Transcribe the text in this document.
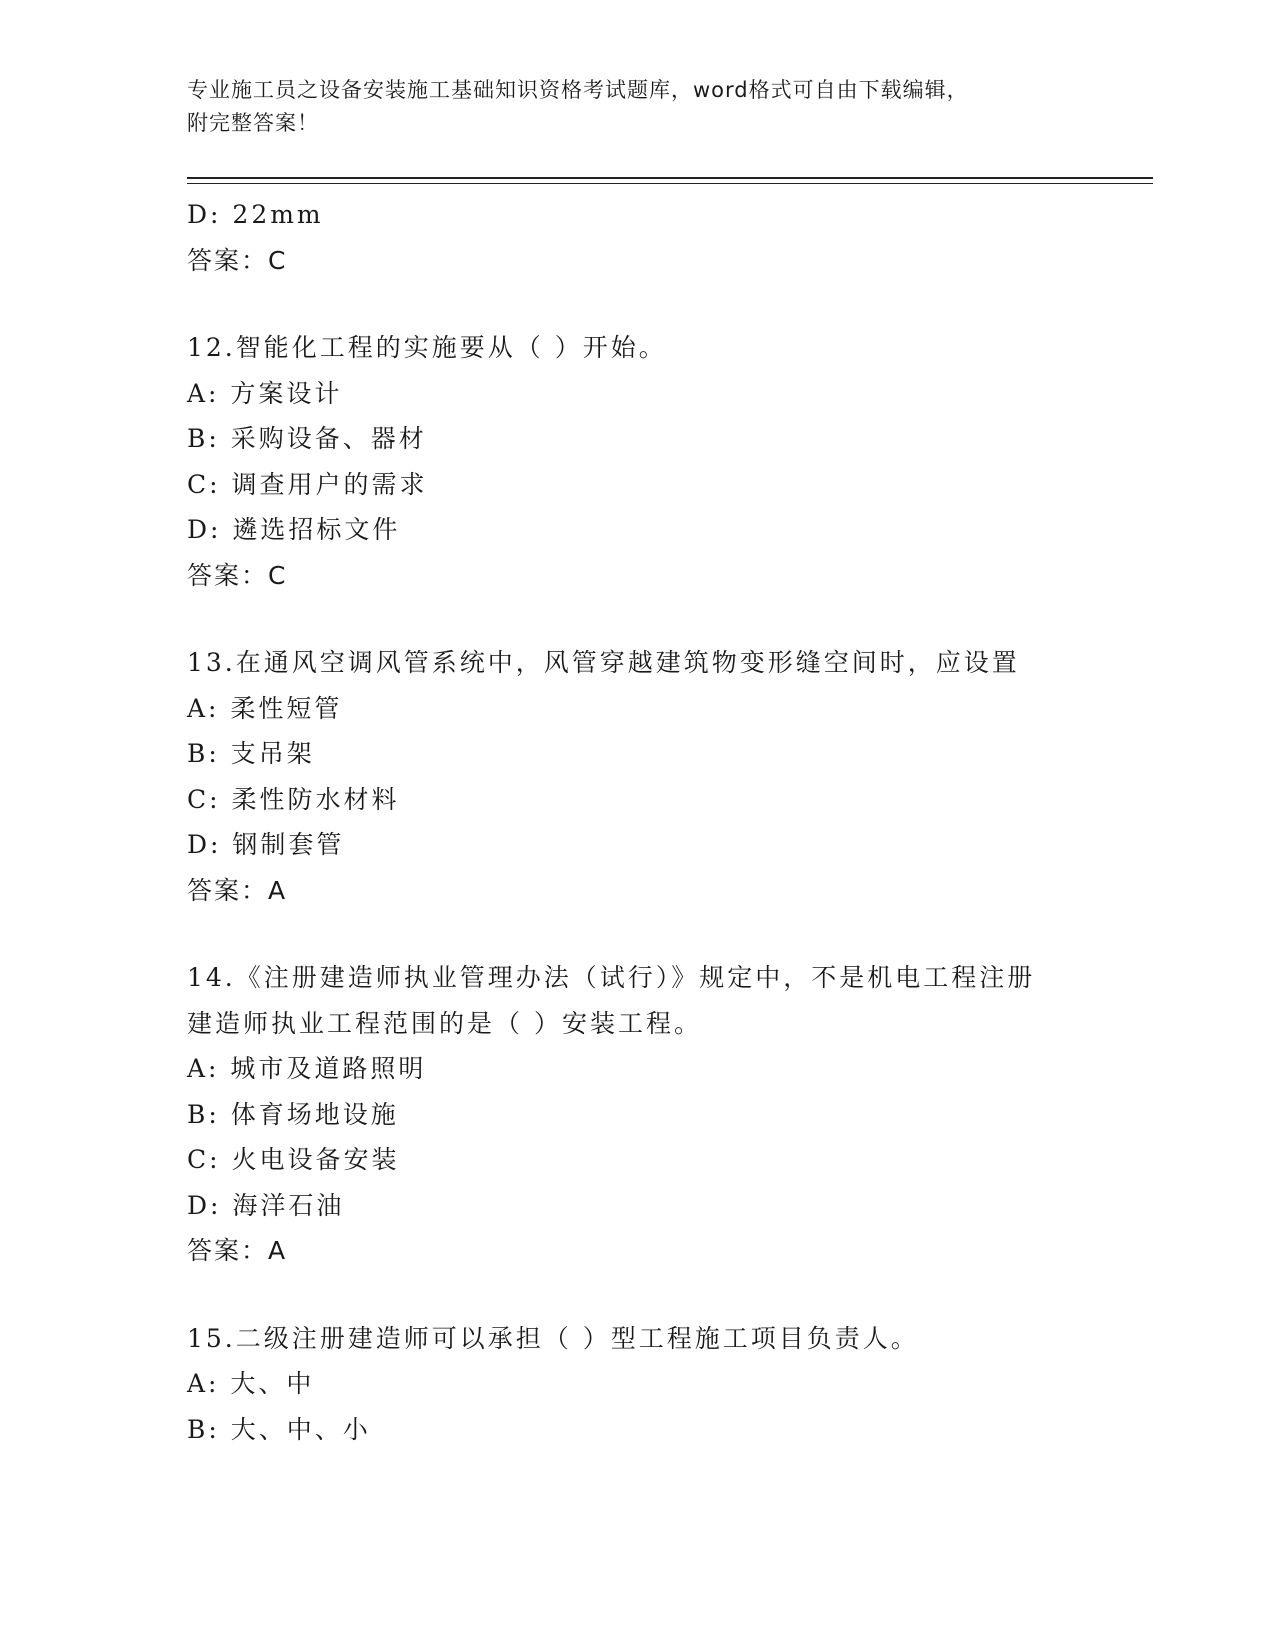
专业施工员之设备安装施工基础知识资格考试题库，word格式可自由下载编辑，
附完整答案！
D: 22mm
答案：C
12.智能化工程的实施要从（ ）开始。
A: 方案设计
B: 采购设备、器材
C: 调查用户的需求
D: 遴选招标文件
答案：C
13.在通风空调风管系统中，风管穿越建筑物变形缝空间时，应设置
A: 柔性短管
B: 支吊架
C: 柔性防水材料
D: 钢制套管
答案：A
14.《注册建造师执业管理办法（试行）》规定中，不是机电工程注册
建造师执业工程范围的是（ ）安装工程。
A: 城市及道路照明
B: 体育场地设施
C: 火电设备安装
D: 海洋石油
答案：A
15.二级注册建造师可以承担（ ）型工程施工项目负责人。
A: 大、中
B: 大、中、小
